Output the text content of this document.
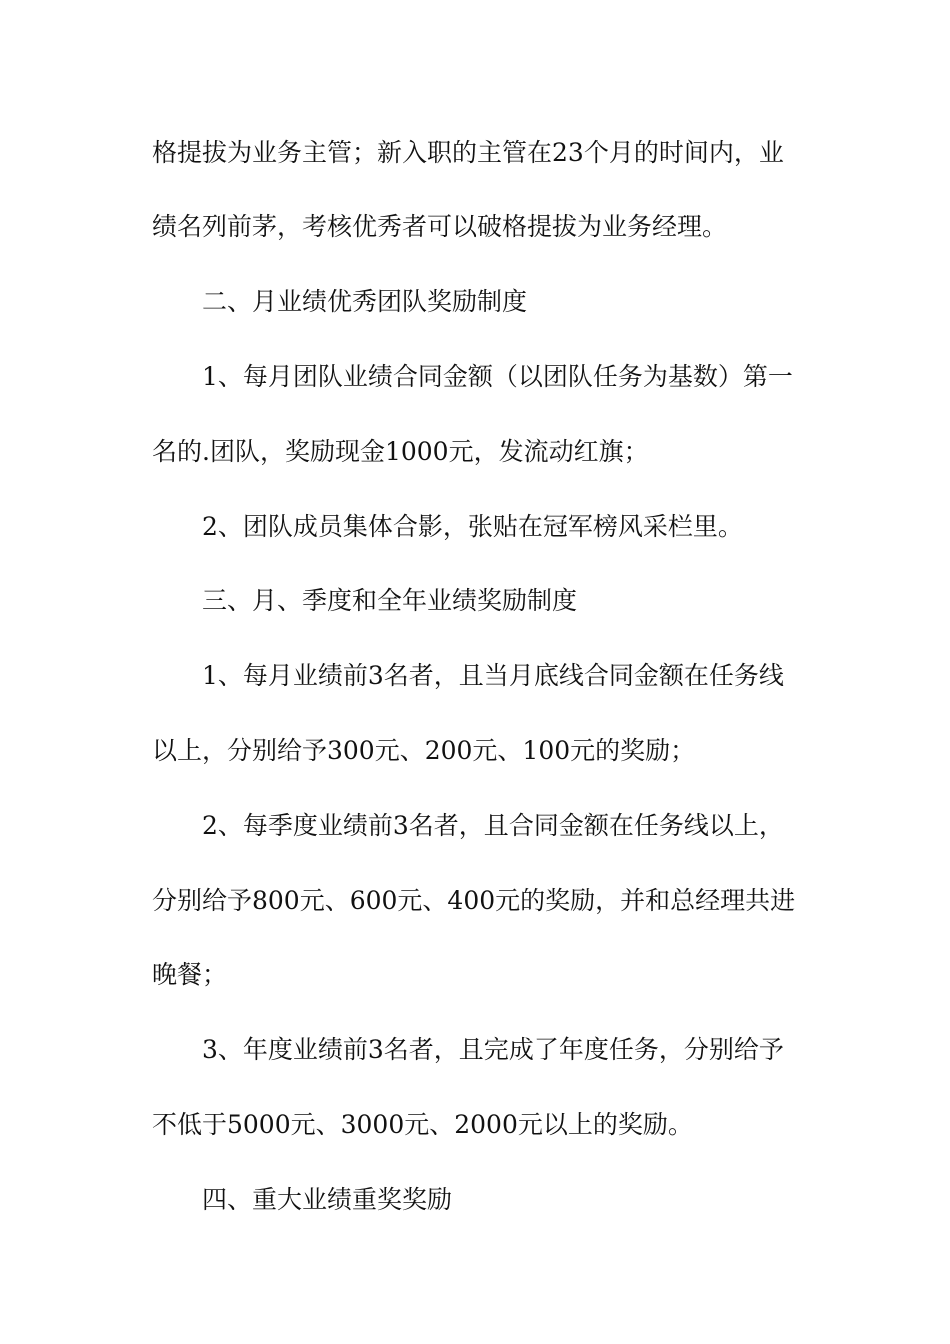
格提拔为业务主管；新入职的主管在23个月的时间内，业
绩名列前茅，考核优秀者可以破格提拔为业务经理。
二、月业绩优秀团队奖励制度
1、每月团队业绩合同金额（以团队任务为基数）第一
名的.团队，奖励现金1000元，发流动红旗；
2、团队成员集体合影，张贴在冠军榜风采栏里。
三、月、季度和全年业绩奖励制度
1、每月业绩前3名者，且当月底线合同金额在任务线
以上，分别给予300元、200元、100元的奖励；
2、每季度业绩前3名者，且合同金额在任务线以上，
分别给予800元、600元、400元的奖励，并和总经理共进
晚餐；
3、年度业绩前3名者，且完成了年度任务，分别给予
不低于5000元、3000元、2000元以上的奖励。
四、重大业绩重奖奖励
